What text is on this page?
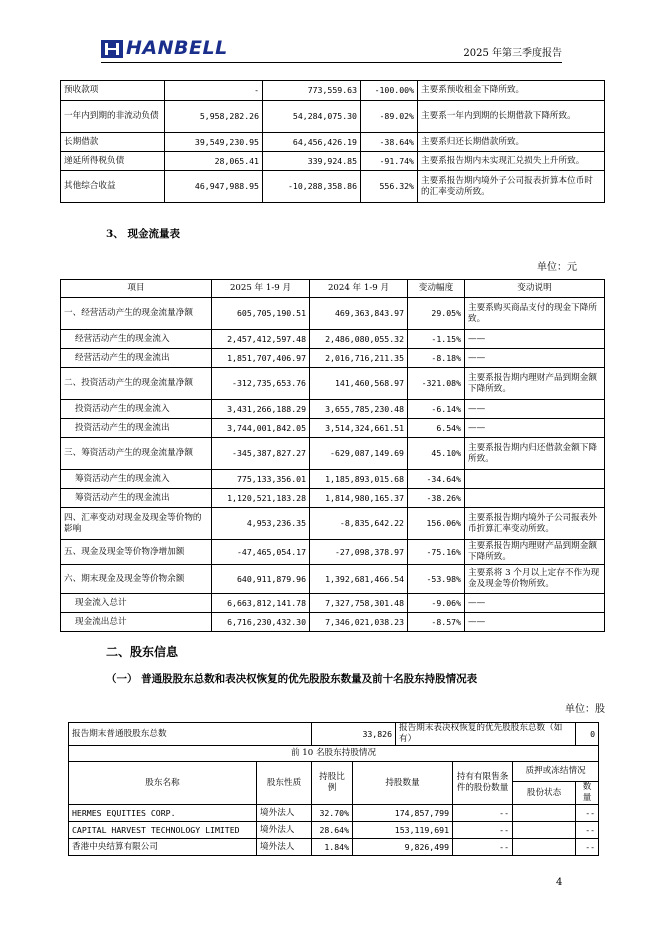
HANBELL	2025 年第三季度报告
预收款项	-	773,559.63	-100.00%	主要系预收租金下降所致。
一年内到期的非流动负债	5,958,282.26	54,284,075.30	-89.02%	主要系一年内到期的长期借款下降所致。
长期借款	39,549,230.95	64,456,426.19	-38.64%	主要系归还长期借款所致。
递延所得税负债	28,065.41	339,924.85	-91.74%	主要系报告期内未实现汇兑损失上升所致。
其他综合收益	46,947,988.95	-10,288,358.86	556.32%	主要系报告期内境外子公司报表折算本位币时的汇率变动所致。
3、 现金流量表
单位：元
项目	2025 年 1-9 月	2024 年 1-9 月	变动幅度	变动说明
一、经营活动产生的现金流量净额	605,705,190.51	469,363,843.97	29.05%	主要系购买商品支付的现金下降所致。
经营活动产生的现金流入	2,457,412,597.48	2,486,080,055.32	-1.15%	——
经营活动产生的现金流出	1,851,707,406.97	2,016,716,211.35	-8.18%	——
二、投资活动产生的现金流量净额	-312,735,653.76	141,460,568.97	-321.08%	主要系报告期内理财产品到期金额下降所致。
投资活动产生的现金流入	3,431,266,188.29	3,655,785,230.48	-6.14%	——
投资活动产生的现金流出	3,744,001,842.05	3,514,324,661.51	6.54%	——
三、筹资活动产生的现金流量净额	-345,387,827.27	-629,087,149.69	45.10%	主要系报告期内归还借款金额下降所致。
筹资活动产生的现金流入	775,133,356.01	1,185,893,015.68	-34.64%	
筹资活动产生的现金流出	1,120,521,183.28	1,814,980,165.37	-38.26%	
四、汇率变动对现金及现金等价物的影响	4,953,236.35	-8,835,642.22	156.06%	主要系报告期内境外子公司报表外币折算汇率变动所致。
五、现金及现金等价物净增加额	-47,465,054.17	-27,098,378.97	-75.16%	主要系报告期内理财产品到期金额下降所致。
六、期末现金及现金等价物余额	640,911,879.96	1,392,681,466.54	-53.98%	主要系将 3 个月以上定存不作为现金及现金等价物所致。
现金流入总计	6,663,812,141.78	7,327,758,301.48	-9.06%	——
现金流出总计	6,716,230,432.30	7,346,021,038.23	-8.57%	——
二、股东信息
（一） 普通股股东总数和表决权恢复的优先股股东数量及前十名股东持股情况表
单位：股
报告期末普通股股东总数		33,826		报告期末表决权恢复的优先股股东总数（如有）			0
前 10 名股东持股情况							
股东名称	股东性质	持股比例	持股数量		持有有限售条件的股份数量	质押或冻结情况	
						股份状态	数量
HERMES EQUITIES CORP.	境外法人	32.70%	174,857,799		--		--
CAPITAL HARVEST TECHNOLOGY LIMITED	境外法人	28.64%	153,119,691		--		--
香港中央结算有限公司	境外法人	1.84%	9,826,499		--		--
4
